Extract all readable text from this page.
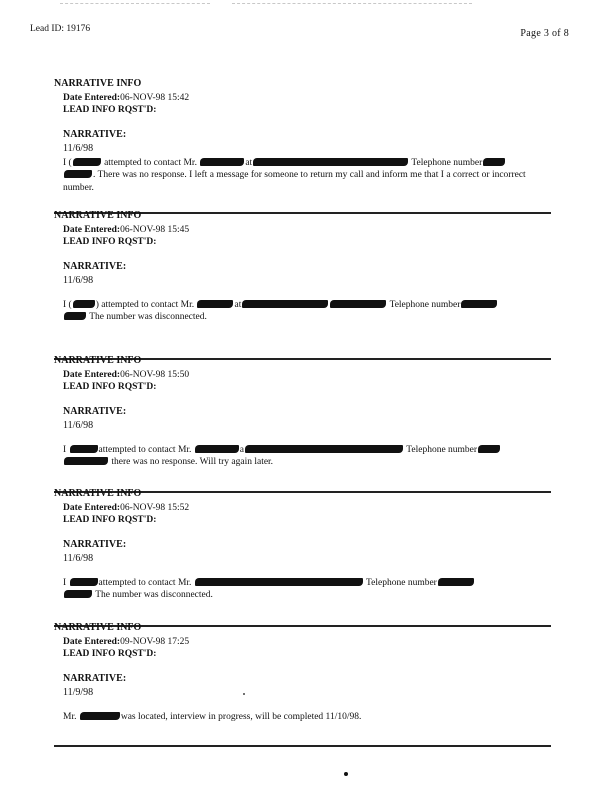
Lead ID: 19176	Page 3 of 8
NARRATIVE INFO
Date Entered:06-NOV-98 15:42
LEAD INFO RQST'D:
NARRATIVE:
11/6/98
I (	attempted to contact Mr.	at	Telephone number
. There was no response. I left a message for someone to return my call and inform me that I a correct or incorrect number.
NARRATIVE INFO
Date Entered:06-NOV-98 15:45
LEAD INFO RQST'D:
NARRATIVE:
11/6/98
I (	) attempted to contact Mr.	at	Telephone number
The number was disconnected.
NARRATIVE INFO
Date Entered:06-NOV-98 15:50
LEAD INFO RQST'D:
NARRATIVE:
11/6/98
I	attempted to contact Mr.	a	Telephone number
there was no response. Will try again later.
NARRATIVE INFO
Date Entered:06-NOV-98 15:52
LEAD INFO RQST'D:
NARRATIVE:
11/6/98
I	attempted to contact Mr.	Telephone number
The number was disconnected.
NARRATIVE INFO
Date Entered:09-NOV-98 17:25
LEAD INFO RQST'D:
NARRATIVE:
11/9/98
Mr.	was located, interview in progress, will be completed 11/10/98.
